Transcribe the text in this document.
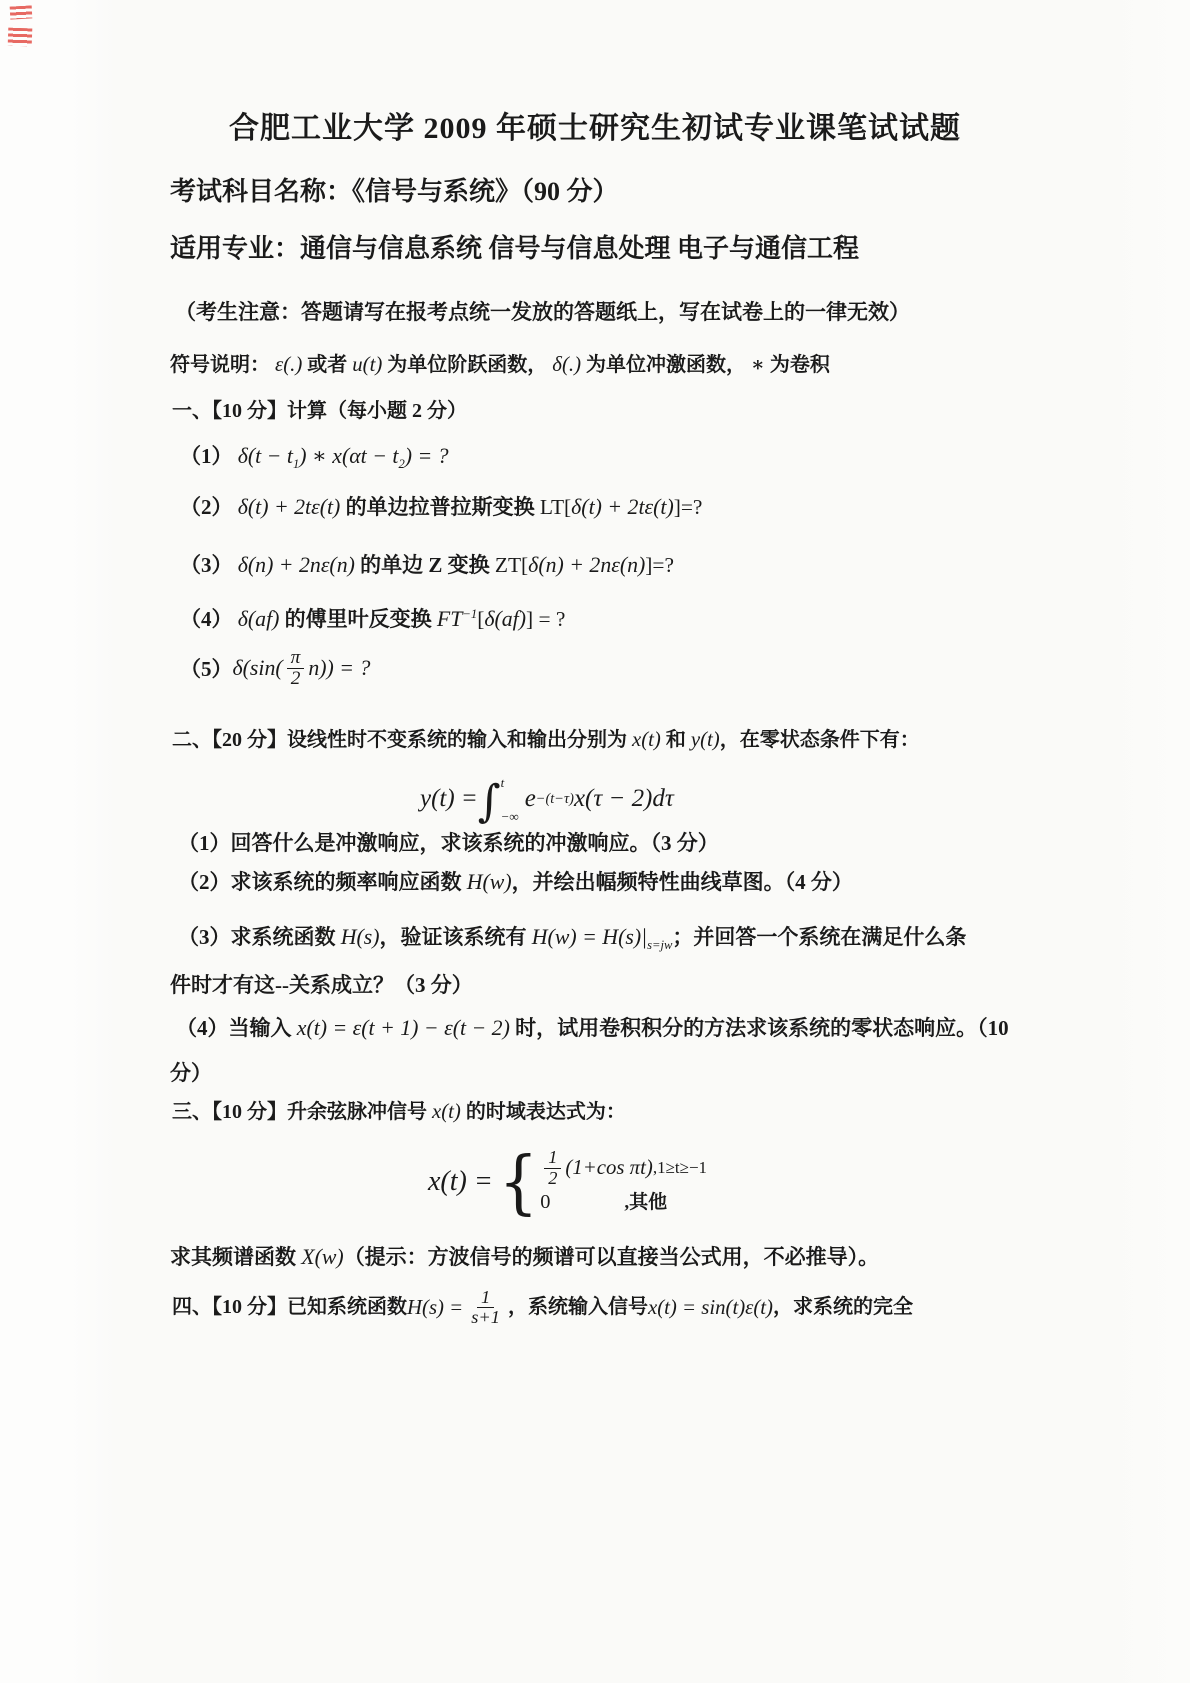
合肥工业大学 2009 年硕士研究生初试专业课笔试试题
考试科目名称：《信号与系统》（90 分）
适用专业：通信与信息系统 信号与信息处理 电子与通信工程
（考生注意：答题请写在报考点统一发放的答题纸上，写在试卷上的一律无效）
符号说明： ε(.) 或者 u(t) 为单位阶跃函数， δ(.) 为单位冲激函数， ∗ 为卷积
一、【10 分】计算（每小题 2 分）
（1） $\delta(t - t_1)$ ∗ $x(\alpha t - t_2)$ = ?
（2） δ(t) + 2tε(t) 的单边拉普拉斯变换 LT[δ(t) + 2tε(t)]=?
（3） δ(n) + 2nε(n) 的单边 Z 变换 ZT[δ(n) + 2nε(n)]=?
（4） δ(af) 的傅里叶反变换 $FT^{-1}[\delta(af)]$ = ?
（5） $\delta(\sin( \frac{\pi}{2} n))$ = ?
二、【20 分】设线性时不变系统的输入和输出分别为 x(t) 和 y(t)，在零状态条件下有：
y(t) = ∫ t
−∞
e −(t−τ) x(τ − 2)dτ
（1）回答什么是冲激响应，求该系统的冲激响应。（3 分）
（2）求该系统的频率响应函数 H(w)，并绘出幅频特性曲线草图。（4 分）
（3）求系统函数 H(s)，验证该系统有 $H(w) = H(s)|_{s=jw}$；并回答一个系统在满足什么条
件时才有这--关系成立？（3 分）
（4）当输入 x(t) = ε(t + 1) − ε(t − 2) 时，试用卷积积分的方法求该系统的零状态响应。（10
分）
三、【10 分】升余弦脉冲信号 x(t) 的时域表达式为：
x(t) = { $\frac{1}{2} (1+\cos$ πt) ,1≥t≥−1
0	,其他
求其频谱函数 X(w)（提示：方波信号的频谱可以直接当公式用，不必推导）。
四、【10 分】已知系统函数 $H(s) = \frac{1}{s+1}$ ，系统输入信号 x(t) = sin(t)ε(t) ，求系统的完全
